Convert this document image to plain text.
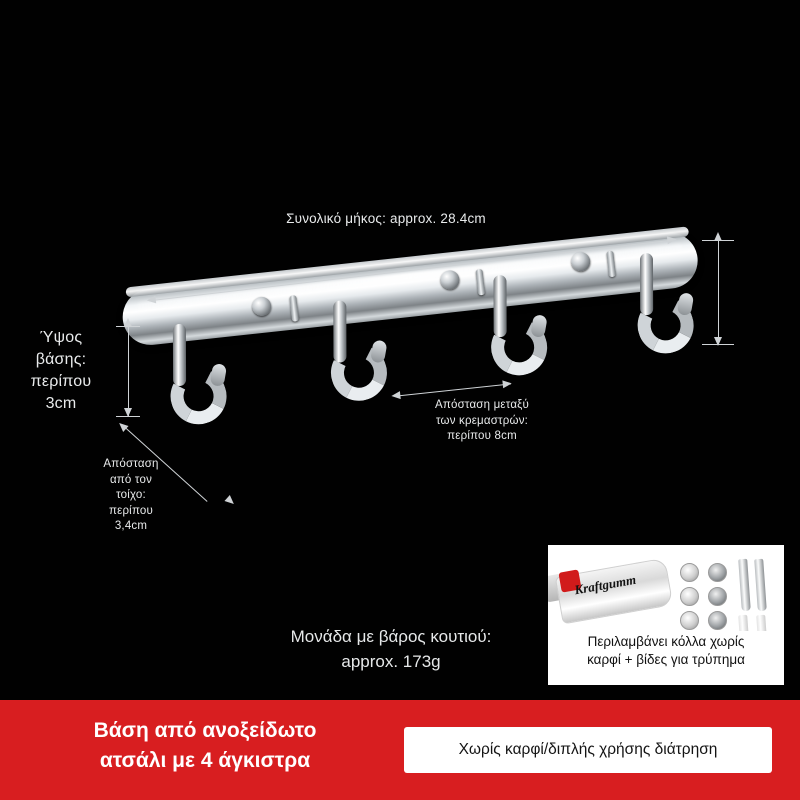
Συνολικό μήκος: approx. 28.4cm
Ύψος
βάσης:
περίπου
3cm
Απόσταση
από τον
τοίχο:
περίπου
3,4cm
Απόσταση μεταξύ
των κρεμαστρών:
περίπου 8cm
Μονάδα με βάρος κουτιού:
approx. 173g
Kraftgumm
Περιλαμβάνει κόλλα χωρίς
καρφί + βίδες για τρύπημα
Βάση από ανοξείδωτο
ατσάλι με 4 άγκιστρα	Χωρίς καρφί/διπλής χρήσης διάτρηση
